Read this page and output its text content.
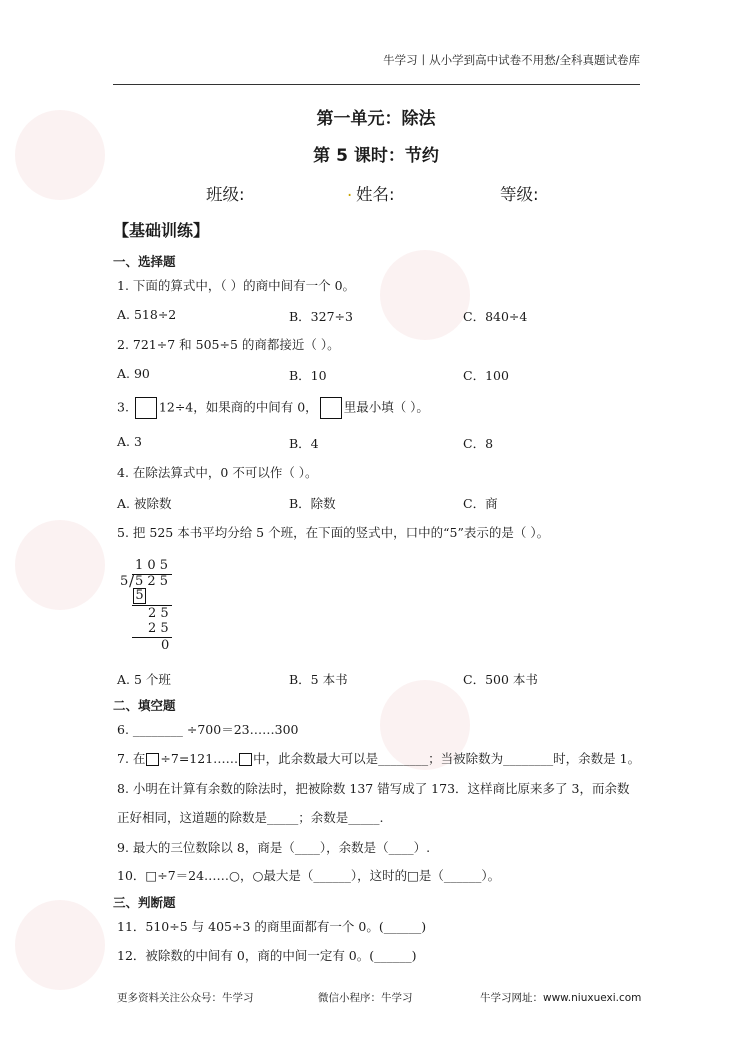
牛学习丨从小学到高中试卷不用愁/全科真题试卷库
第一单元：除法
第 5 课时：节约
班级:	. 姓名:	等级:
【基础训练】
一、选择题
1. 下面的算式中，（ ）的商中间有一个 0。
A. 518÷2	B．327÷3	C．840÷4
2. 721÷7 和 505÷5 的商都接近（ ）。
A. 90	B．10	C．100
3. 12÷4，如果商的中间有 0， 里最小填（ ）。
A. 3	B．4	C．8
4. 在除法算式中，0 不可以作（ ）。
A. 被除数	B．除数	C．商
5. 把 525 本书平均分给 5 个班，在下面的竖式中，口中的“5”表示的是（ ）。
1 0 5
5 / 5 2 5
5
2 5
2 5
0
A. 5 个班	B．5 本书	C．500 本书
二、填空题
6. ________ ÷700＝23……300
7. 在 ÷7=121…… 中，此余数最大可以是________；当被除数为________时，余数是 1。
8. 小明在计算有余数的除法时，把被除数 137 错写成了 173．这样商比原来多了 3，而余数
正好相同，这道题的除数是_____；余数是_____.
9. 最大的三位数除以 8，商是（____），余数是（____）.
10．□÷7＝24……○，○最大是（______），这时的□是（______）。
三、判断题
11．510÷5 与 405÷3 的商里面都有一个 0。(______)
12．被除数的中间有 0，商的中间一定有 0。(______)
更多资料关注公众号：牛学习	微信小程序：牛学习	牛学习网址：www.niuxuexi.com
